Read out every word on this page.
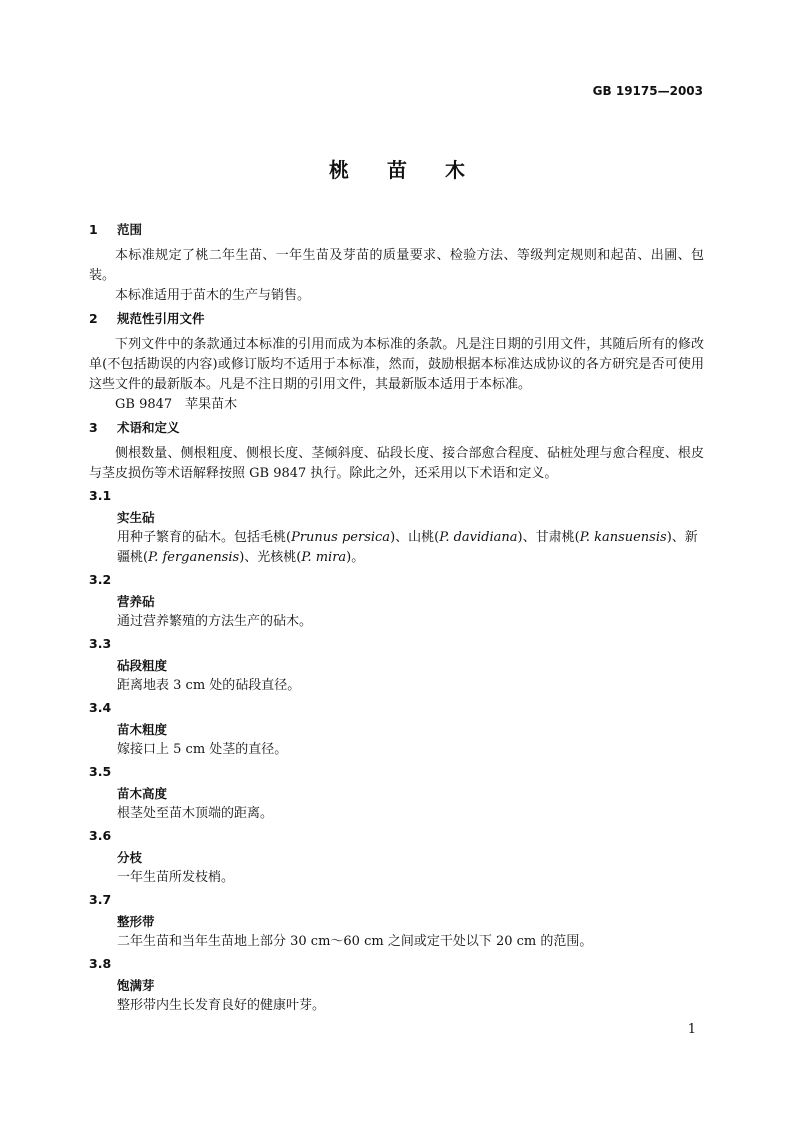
GB 19175—2003
桃苗木

1 范围

本标准规定了桃二年生苗、一年生苗及芽苗的质量要求、检验方法、等级判定规则和起苗、出圃、包装。

本标准适用于苗木的生产与销售。

2 规范性引用文件

下列文件中的条款通过本标准的引用而成为本标准的条款。凡是注日期的引用文件，其随后所有的修改单(不包括勘误的内容)或修订版均不适用于本标准，然而，鼓励根据本标准达成协议的各方研究是否可使用这些文件的最新版本。凡是不注日期的引用文件，其最新版本适用于本标准。

GB 9847　苹果苗木

3 术语和定义

侧根数量、侧根粗度、侧根长度、茎倾斜度、砧段长度、接合部愈合程度、砧桩处理与愈合程度、根皮与茎皮损伤等术语解释按照 GB 9847 执行。除此之外，还采用以下术语和定义。

3.1

实生砧

用种子繁育的砧木。包括毛桃(Prunus persica)、山桃(P. davidiana)、甘肃桃(P. kansuensis)、新疆桃(P. ferganensis)、光核桃(P. mira)。

3.2

营养砧

通过营养繁殖的方法生产的砧木。

3.3

砧段粗度

距离地表 3 cm 处的砧段直径。

3.4

苗木粗度

嫁接口上 5 cm 处茎的直径。

3.5

苗木高度

根茎处至苗木顶端的距离。

3.6

分枝

一年生苗所发枝梢。

3.7

整形带

二年生苗和当年生苗地上部分 30 cm～60 cm 之间或定干处以下 20 cm 的范围。

3.8

饱满芽

整形带内生长发育良好的健康叶芽。

1
